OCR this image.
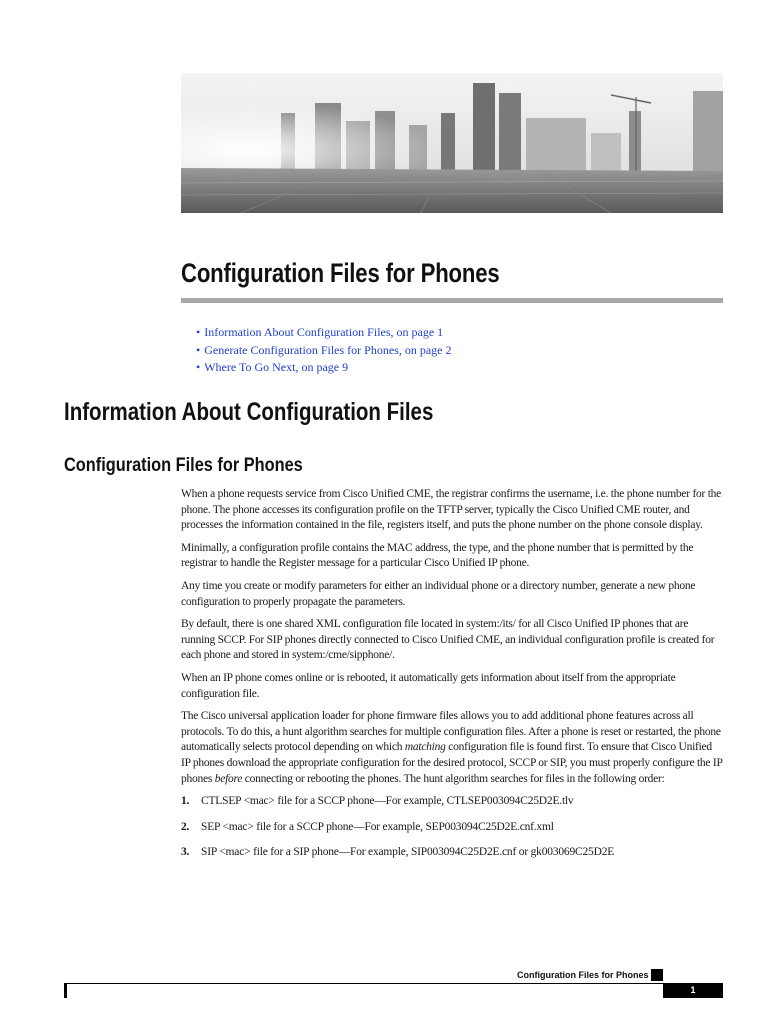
Configuration Files for Phones
• Information About Configuration Files, on page 1
• Generate Configuration Files for Phones, on page 2
• Where To Go Next, on page 9
Information About Configuration Files
Configuration Files for Phones

When a phone requests service from Cisco Unified CME, the registrar confirms the username, i.e. the phone number for the phone. The phone accesses its configuration profile on the TFTP server, typically the Cisco Unified CME router, and processes the information contained in the file, registers itself, and puts the phone number on the phone console display.

Minimally, a configuration profile contains the MAC address, the type, and the phone number that is permitted by the registrar to handle the Register message for a particular Cisco Unified IP phone.

Any time you create or modify parameters for either an individual phone or a directory number, generate a new phone configuration to properly propagate the parameters.

By default, there is one shared XML configuration file located in system:/its/ for all Cisco Unified IP phones that are running SCCP. For SIP phones directly connected to Cisco Unified CME, an individual configuration profile is created for each phone and stored in system:/cme/sipphone/.

When an IP phone comes online or is rebooted, it automatically gets information about itself from the appropriate configuration file.

The Cisco universal application loader for phone firmware files allows you to add additional phone features across all protocols. To do this, a hunt algorithm searches for multiple configuration files. After a phone is reset or restarted, the phone automatically selects protocol depending on which matching configuration file is found first. To ensure that Cisco Unified IP phones download the appropriate configuration for the desired protocol, SCCP or SIP, you must properly configure the IP phones before connecting or rebooting the phones. The hunt algorithm searches for files in the following order:

1. CTLSEP <mac> file for a SCCP phone—For example, CTLSEP003094C25D2E.tlv
2. SEP <mac> file for a SCCP phone—For example, SEP003094C25D2E.cnf.xml
3. SIP <mac> file for a SIP phone—For example, SIP003094C25D2E.cnf or gk003069C25D2E
Configuration Files for Phones
1
